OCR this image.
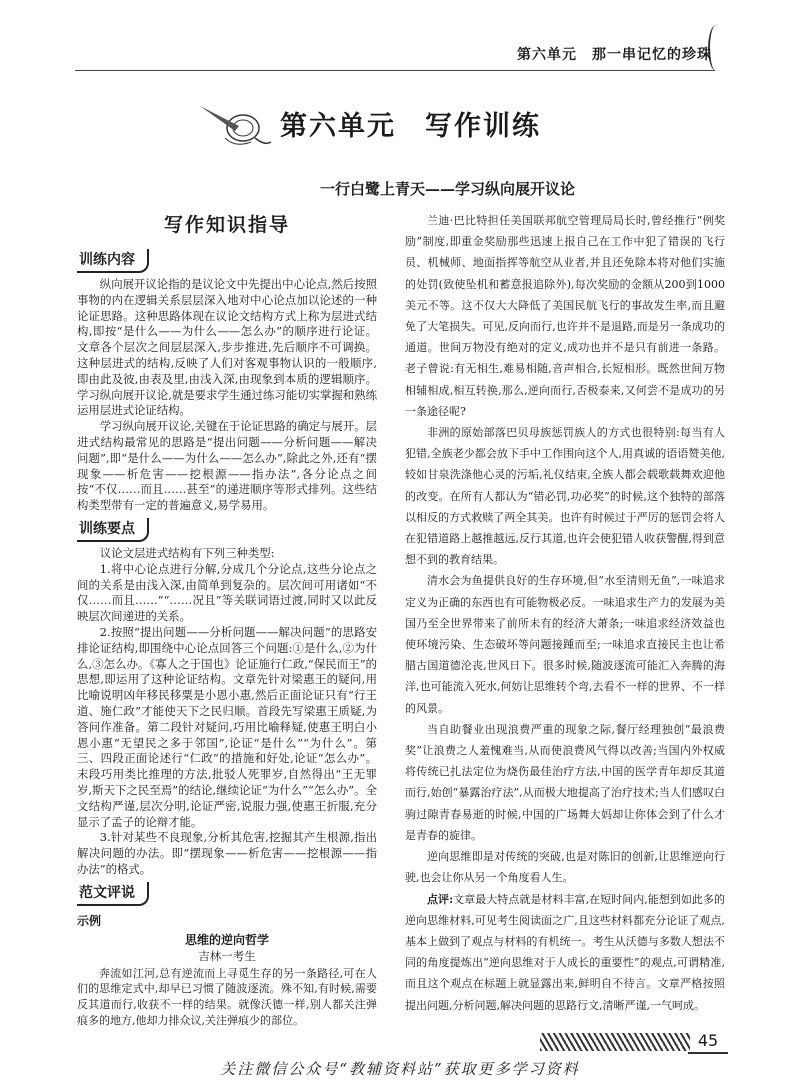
第六单元　那一串记忆的珍珠
第六单元　写作训练
一行白鹭上青天——学习纵向展开议论
写作知识指导
训练内容

纵向展开议论指的是议论文中先提出中心论点,然后按照事物的内在逻辑关系层层深入地对中心论点加以论述的一种论证思路。这种思路体现在议论文结构方式上称为层进式结构,即按“是什么——为什么——怎么办”的顺序进行论证。文章各个层次之间层层深入,步步推进,先后顺序不可调换。这种层进式的结构,反映了人们对客观事物认识的一般顺序,即由此及彼,由表及里,由浅入深,由现象到本质的逻辑顺序。学习纵向展开议论,就是要求学生通过练习能切实掌握和熟练运用层进式论证结构。

学习纵向展开议论,关键在于论证思路的确定与展开。层进式结构最常见的思路是“提出问题——分析问题——解决问题”,即“是什么——为什么——怎么办”,除此之外,还有“摆现象——析危害——挖根源——指办法”,各分论点之间按“不仅……而且……甚至”的递进顺序等形式排列。这些结构类型带有一定的普遍意义,易学易用。

训练要点

议论文层进式结构有下列三种类型:

1.将中心论点进行分解,分成几个分论点,这些分论点之间的关系是由浅入深,由简单到复杂的。层次间可用诸如“不仅……而且……”“……况且”等关联词语过渡,同时又以此反映层次间递进的关系。

2.按照“提出问题——分析问题——解决问题”的思路安排论证结构,即围绕中心论点回答三个问题:①是什么,②为什么,③怎么办。《寡人之于国也》论证施行仁政,“保民而王”的思想,即运用了这种论证结构。文章先针对梁惠王的疑问,用比喻说明凶年移民移粟是小恩小惠,然后正面论证只有“行王道、施仁政”才能使天下之民归顺。首段先写梁惠王质疑,为答问作准备。第二段针对疑问,巧用比喻释疑,使惠王明白小恩小惠“无望民之多于邻国”,论证“是什么”“为什么”。第三、四段正面论述行“仁政”的措施和好处,论证“怎么办”。末段巧用类比推理的方法,批驳人死罪岁,自然得出“王无罪岁,斯天下之民至焉”的结论,继续论证“为什么”“怎么办”。全文结构严谨,层次分明,论证严密,说服力强,使惠王折服,充分显示了孟子的论辩才能。

3.针对某些不良现象,分析其危害,挖掘其产生根源,指出解决问题的办法。即“摆现象——析危害——挖根源——指办法”的格式。

范文评说
示例

思维的逆向哲学

吉林一考生

奔流如江河,总有逆流而上寻觅生存的另一条路径,可在人们的思维定式中,却早已习惯了随波逐流。殊不知,有时候,需要反其道而行,收获不一样的结果。就像沃德一样,别人都关注弹痕多的地方,他却力排众议,关注弹痕少的部位。

兰迪·巴比特担任美国联邦航空管理局局长时,曾经推行“例奖励”制度,即重金奖励那些迅速上报自己在工作中犯了错误的飞行员、机械师、地面指挥等航空从业者,并且还免除本将对他们实施的处罚(致使坠机和蓄意报追除外),每次奖励的金额从200到1000美元不等。这不仅大大降低了美国民航飞行的事故发生率,而且避免了大笔损失。可见,反向而行,也许并不是退路,而是另一条成功的通道。世间万物没有绝对的定义,成功也并不是只有前进一条路。老子曾说:有无相生,难易相随,音声相合,长短相形。既然世间万物相辅相成,相互转换,那么,逆向而行,否极泰来,又何尝不是成功的另一条途径呢?

非洲的原始部落巴贝母族惩罚族人的方式也很特别:每当有人犯错,全族老少都会放下手中工作围向这个人,用真诚的语语赞美他,较如甘泉洗涤他心灵的污垢,礼仪结束,全族人都会载歌载舞欢迎他的改变。在所有人都认为“错必罚,功必奖”的时候,这个独特的部落以相反的方式救赎了两全其美。也许有时候过于严厉的惩罚会将人在犯错道路上越推越远,反行其道,也许会使犯错人收获警醒,得到意想不到的教育结果。

清水会为鱼提供良好的生存环境,但“水至清则无鱼”,一味追求定义为正确的东西也有可能物极必反。一味追求生产力的发展为美国乃至全世界带来了前所未有的经济大萧条;一味追求经济效益也使环境污染、生态破坏等问题接踵而至;一味追求直接民主也让希腊古国道德沦丧,世风日下。很多时候,随波逐流可能汇入奔腾的海洋,也可能流入死水,何妨让思维转个弯,去看不一样的世界、不一样的风景。

当自助餐业出现浪费严重的现象之际,餐厅经理独创“最浪费奖”让浪费之人羞愧难当,从而使浪费风气得以改善;当国内外权威将传统已扎法定位为烧伤最佳治疗方法,中国的医学青年却反其道而行,始创“暴露治疗法”,从而极大地提高了治疗技术;当人们感叹白驹过隙青春易逝的时候,中国的广场舞大妈却让你体会到了什么才是青春的旋律。

逆向思维即是对传统的突破,也是对陈旧的创新,让思维逆向行驶,也会让你从另一个角度看人生。

点评:文章最大特点就是材料丰富,在短时间内,能想到如此多的逆向思维材料,可见考生阅读面之广,且这些材料都充分论证了观点,基本上做到了观点与材料的有机统一。考生从沃德与多数人想法不同的角度提炼出“逆向思维对于人成长的重要性”的观点,可谓精准,而且这个观点在标题上就显露出来,鲜明自不待言。文章严格按照提出问题,分析问题,解决问题的思路行文,清晰严谨,一气呵成。

45
关注微信公众号“教辅资料站”获取更多学习资料
